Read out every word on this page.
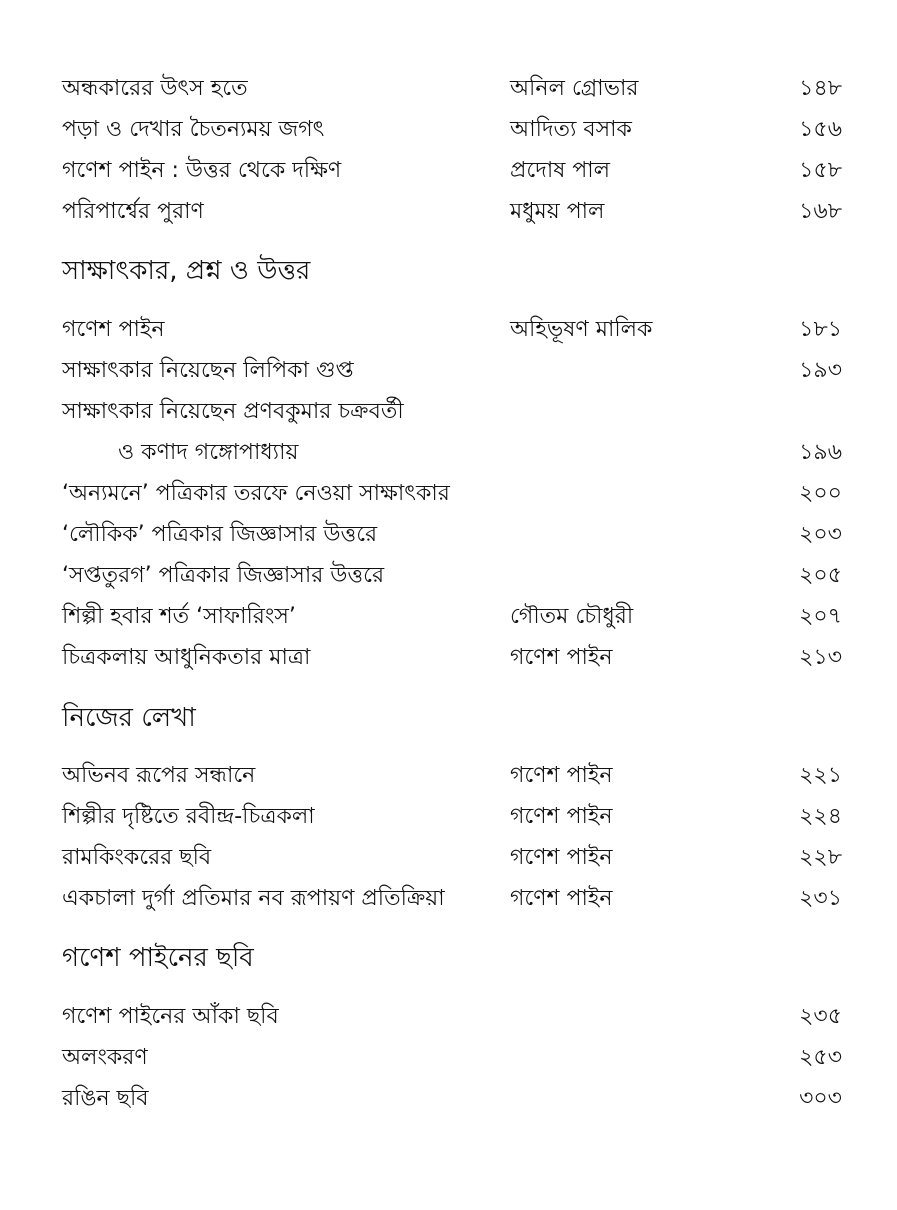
অন্ধকারের উৎস হতে	অনিল গ্রোভার	১৪৮
পড়া ও দেখার চৈতন্যময় জগৎ	আদিত্য বসাক	১৫৬
গণেশ পাইন : উত্তর থেকে দক্ষিণ	প্রদোষ পাল	১৫৮
পরিপার্শ্বের পুরাণ	মধুময় পাল	১৬৮
সাক্ষাৎকার, প্রশ্ন ও উত্তর
গণেশ পাইন	অহিভূষণ মালিক	১৮১
সাক্ষাৎকার নিয়েছেন লিপিকা গুপ্ত	১৯৩
সাক্ষাৎকার নিয়েছেন প্রণবকুমার চক্রবর্তী
ও কণাদ গঙ্গোপাধ্যায়	১৯৬
‘অন্যমনে’ পত্রিকার তরফে নেওয়া সাক্ষাৎকার	২০০
‘লৌকিক’ পত্রিকার জিজ্ঞাসার উত্তরে	২০৩
‘সপ্ততুরগ’ পত্রিকার জিজ্ঞাসার উত্তরে	২০৫
শিল্পী হবার শর্ত ‘সাফারিংস’	গৌতম চৌধুরী	২০৭
চিত্রকলায় আধুনিকতার মাত্রা	গণেশ পাইন	২১৩
নিজের লেখা
অভিনব রূপের সন্ধানে	গণেশ পাইন	২২১
শিল্পীর দৃষ্টিতে রবীন্দ্র-চিত্রকলা	গণেশ পাইন	২২৪
রামকিংকরের ছবি	গণেশ পাইন	২২৮
একচালা দুর্গা প্রতিমার নব রূপায়ণ প্রতিক্রিয়া	গণেশ পাইন	২৩১
গণেশ পাইনের ছবি
গণেশ পাইনের আঁকা ছবি	২৩৫
অলংকরণ	২৫৩
রঙিন ছবি	৩০৩
